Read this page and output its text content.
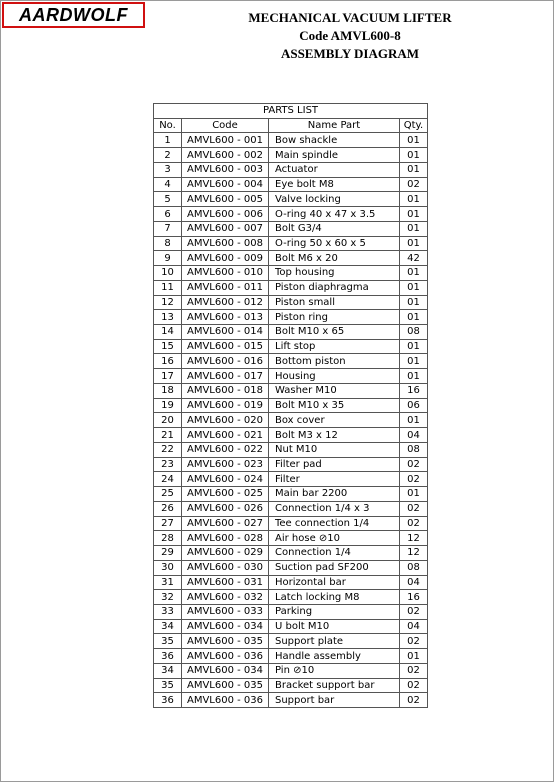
AARDWOLF	MECHANICAL VACUUM LIFTER
Code AMVL600-8
ASSEMBLY DIAGRAM
PARTS LIST			
No.	Code	Name Part	Qty.
1	AMVL600 - 001	Bow shackle	01
2	AMVL600 - 002	Main spindle	01
3	AMVL600 - 003	Actuator	01
4	AMVL600 - 004	Eye bolt M8	02
5	AMVL600 - 005	Valve locking	01
6	AMVL600 - 006	O-ring 40 x 47 x 3.5	01
7	AMVL600 - 007	Bolt G3/4	01
8	AMVL600 - 008	O-ring 50 x 60 x 5	01
9	AMVL600 - 009	Bolt M6 x 20	42
10	AMVL600 - 010	Top housing	01
11	AMVL600 - 011	Piston diaphragma	01
12	AMVL600 - 012	Piston small	01
13	AMVL600 - 013	Piston ring	01
14	AMVL600 - 014	Bolt M10 x 65	08
15	AMVL600 - 015	Lift stop	01
16	AMVL600 - 016	Bottom piston	01
17	AMVL600 - 017	Housing	01
18	AMVL600 - 018	Washer M10	16
19	AMVL600 - 019	Bolt M10 x 35	06
20	AMVL600 - 020	Box cover	01
21	AMVL600 - 021	Bolt M3 x 12	04
22	AMVL600 - 022	Nut M10	08
23	AMVL600 - 023	Filter pad	02
24	AMVL600 - 024	Filter	02
25	AMVL600 - 025	Main bar 2200	01
26	AMVL600 - 026	Connection 1/4 x 3	02
27	AMVL600 - 027	Tee connection 1/4	02
28	AMVL600 - 028	Air hose ⊘10	12
29	AMVL600 - 029	Connection 1/4	12
30	AMVL600 - 030	Suction pad SF200	08
31	AMVL600 - 031	Horizontal bar	04
32	AMVL600 - 032	Latch locking M8	16
33	AMVL600 - 033	Parking	02
34	AMVL600 - 034	U bolt M10	04
35	AMVL600 - 035	Support plate	02
36	AMVL600 - 036	Handle assembly	01
34	AMVL600 - 034	Pin ⊘10	02
35	AMVL600 - 035	Bracket support bar	02
36	AMVL600 - 036	Support bar	02
